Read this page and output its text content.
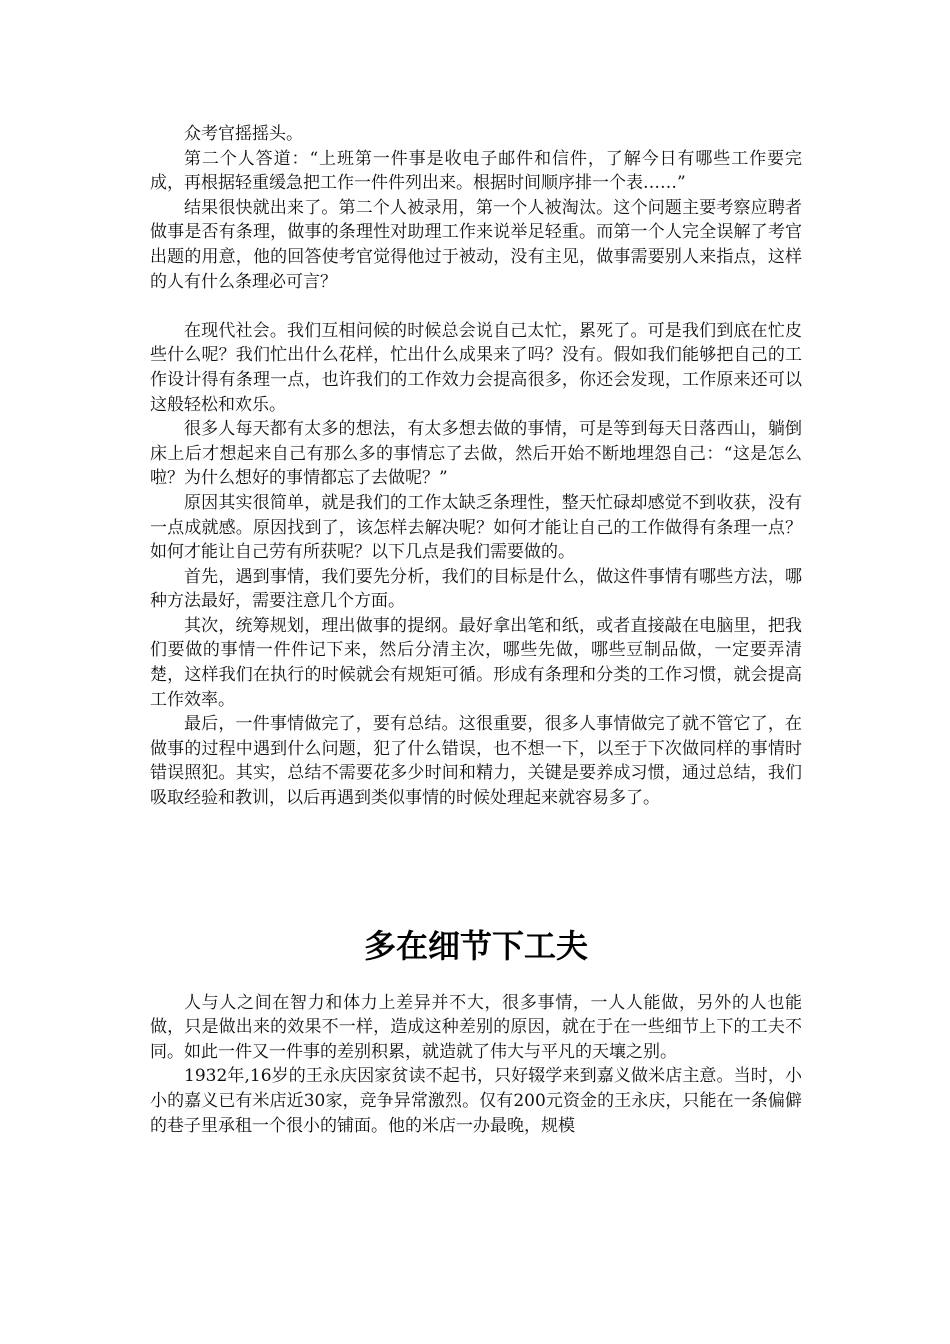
众考官摇摇头。

第二个人答道：“上班第一件事是收电子邮件和信件，了解今日有哪些工作要完成，再根据轻重缓急把工作一件件列出来。根据时间顺序排一个表……”

结果很快就出来了。第二个人被录用，第一个人被淘汰。这个问题主要考察应聘者做事是否有条理，做事的条理性对助理工作来说举足轻重。而第一个人完全误解了考官出题的用意，他的回答使考官觉得他过于被动，没有主见，做事需要别人来指点，这样的人有什么条理必可言？

在现代社会。我们互相问候的时候总会说自己太忙，累死了。可是我们到底在忙皮些什么呢？我们忙出什么花样，忙出什么成果来了吗？没有。假如我们能够把自己的工作设计得有条理一点，也许我们的工作效力会提高很多，你还会发现，工作原来还可以这般轻松和欢乐。

很多人每天都有太多的想法，有太多想去做的事情，可是等到每天日落西山，躺倒床上后才想起来自己有那么多的事情忘了去做，然后开始不断地埋怨自己：“这是怎么啦？为什么想好的事情都忘了去做呢？”

原因其实很简单，就是我们的工作太缺乏条理性，整天忙碌却感觉不到收获，没有一点成就感。原因找到了，该怎样去解决呢？如何才能让自己的工作做得有条理一点？如何才能让自己劳有所获呢？以下几点是我们需要做的。

首先，遇到事情，我们要先分析，我们的目标是什么，做这件事情有哪些方法，哪种方法最好，需要注意几个方面。

其次，统筹规划，理出做事的提纲。最好拿出笔和纸，或者直接敲在电脑里，把我们要做的事情一件件记下来，然后分清主次，哪些先做，哪些豆制品做，一定要弄清楚，这样我们在执行的时候就会有规矩可循。形成有条理和分类的工作习惯，就会提高工作效率。

最后，一件事情做完了，要有总结。这很重要，很多人事情做完了就不管它了，在做事的过程中遇到什么问题，犯了什么错误，也不想一下，以至于下次做同样的事情时错误照犯。其实，总结不需要花多少时间和精力，关键是要养成习惯，通过总结，我们吸取经验和教训，以后再遇到类似事情的时候处理起来就容易多了。

多在细节下工夫

人与人之间在智力和体力上差异并不大，很多事情，一人人能做，另外的人也能做，只是做出来的效果不一样，造成这种差别的原因，就在于在一些细节上下的工夫不同。如此一件又一件事的差别积累，就造就了伟大与平凡的天壤之别。

1932年,16岁的王永庆因家贫读不起书，只好辍学来到嘉义做米店主意。当时，小小的嘉义已有米店近30家，竞争异常激烈。仅有200元资金的王永庆，只能在一条偏僻的巷子里承租一个很小的铺面。他的米店一办最晚，规模
